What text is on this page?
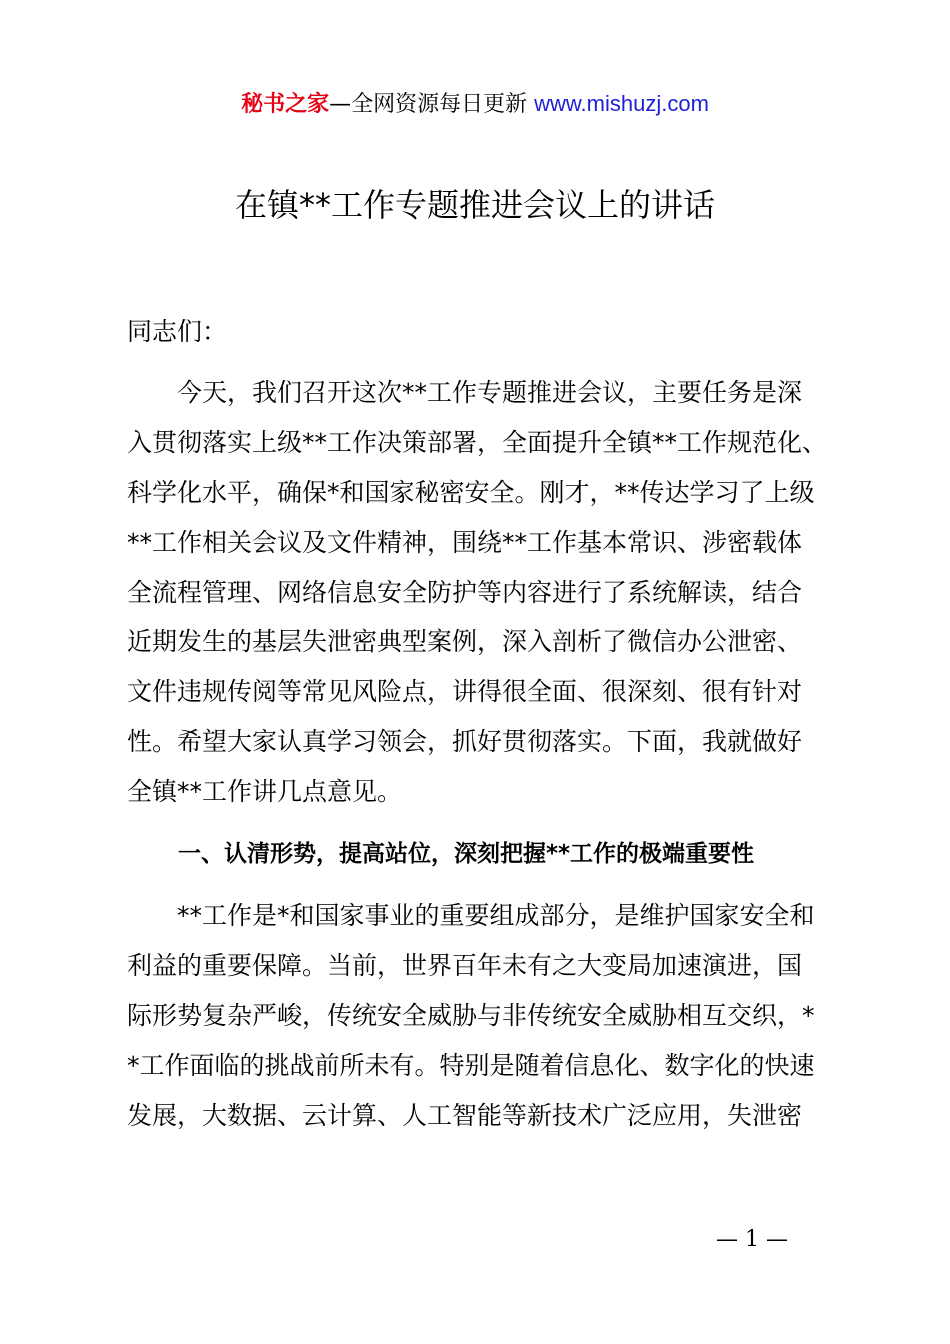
秘书之家—全网资源每日更新 www.mishuzj.com
在镇**工作专题推进会议上的讲话
同志们：
今天，我们召开这次**工作专题推进会议，主要任务是深
入贯彻落实上级**工作决策部署，全面提升全镇**工作规范化、
科学化水平，确保*和国家秘密安全。刚才，**传达学习了上级
**工作相关会议及文件精神，围绕**工作基本常识、涉密载体
全流程管理、网络信息安全防护等内容进行了系统解读，结合
近期发生的基层失泄密典型案例，深入剖析了微信办公泄密、
文件违规传阅等常见风险点，讲得很全面、很深刻、很有针对
性。希望大家认真学习领会，抓好贯彻落实。下面，我就做好
全镇**工作讲几点意见。
一、认清形势，提高站位，深刻把握**工作的极端重要性
**工作是*和国家事业的重要组成部分，是维护国家安全和
利益的重要保障。当前，世界百年未有之大变局加速演进，国
际形势复杂严峻，传统安全威胁与非传统安全威胁相互交织，*
*工作面临的挑战前所未有。特别是随着信息化、数字化的快速
发展，大数据、云计算、人工智能等新技术广泛应用，失泄密
— 1 —
